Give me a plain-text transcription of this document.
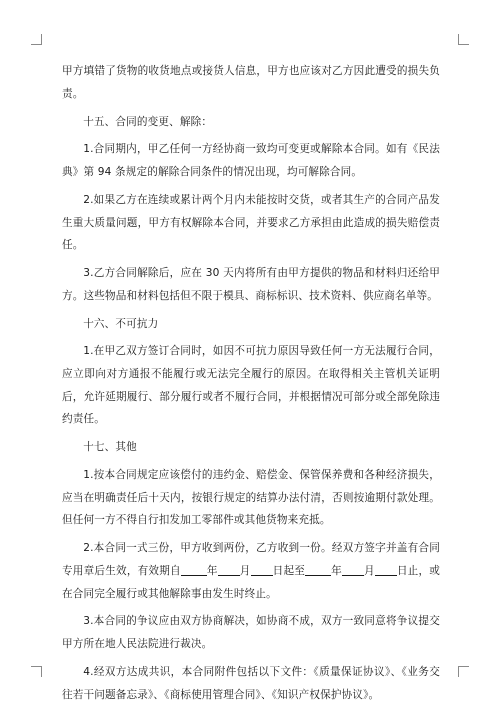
甲方填错了货物的收货地点或接货人信息，甲方也应该对乙方因此遭受的损失负责。

十五、合同的变更、解除：

1.合同期内，甲乙任何一方经协商一致均可变更或解除本合同。如有《民法典》第 94 条规定的解除合同条件的情况出现，均可解除合同。

2.如果乙方在连续或累计两个月内未能按时交货，或者其生产的合同产品发生重大质量问题，甲方有权解除本合同，并要求乙方承担由此造成的损失赔偿责任。

3.乙方合同解除后，应在 30 天内将所有由甲方提供的物品和材料归还给甲方。这些物品和材料包括但不限于模具、商标标识、技术资料、供应商名单等。

十六、不可抗力

1.在甲乙双方签订合同时，如因不可抗力原因导致任何一方无法履行合同，应立即向对方通报不能履行或无法完全履行的原因。在取得相关主管机关证明后，允许延期履行、部分履行或者不履行合同，并根据情况可部分或全部免除违约责任。

十七、其他

1.按本合同规定应该偿付的违约金、赔偿金、保管保养费和各种经济损失，应当在明确责任后十天内，按银行规定的结算办法付清，否则按逾期付款处理。但任何一方不得自行扣发加工零部件或其他货物来充抵。

2.本合同一式三份，甲方收到两份，乙方收到一份。经双方签字并盖有合同专用章后生效，有效期自 年 月 日起至 年 月 日止，或在合同完全履行或其他解除事由发生时终止。

3.本合同的争议应由双方协商解决，如协商不成，双方一致同意将争议提交甲方所在地人民法院进行裁决。

4.经双方达成共识，本合同附件包括以下文件：《质量保证协议》、《业务交往若干问题备忘录》、《商标使用管理合同》、《知识产权保护协议》。
